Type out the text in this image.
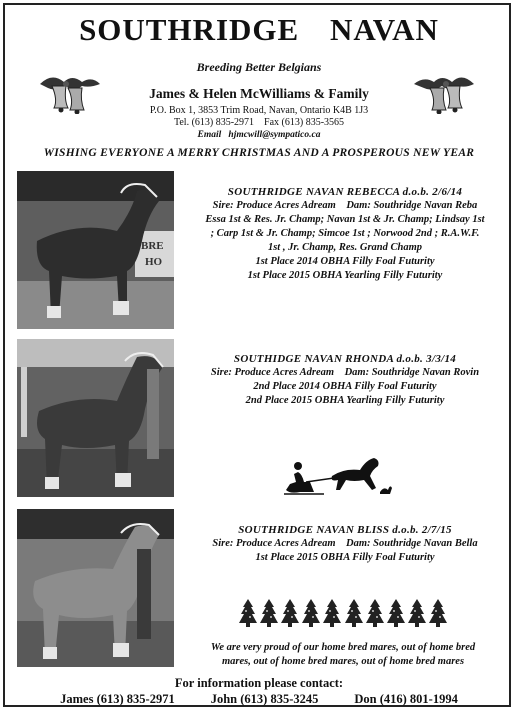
SOUTHRIDGE NAVAN
Breeding Better Belgians
James & Helen McWilliams & Family
P.O. Box 1, 3853 Trim Road, Navan, Ontario K4B 1J3
Tel. (613) 835-2971    Fax (613) 835-3565
Email hjmcwill@sympatico.ca
WISHING EVERYONE A MERRY CHRISTMAS AND A PROSPEROUS NEW YEAR
BRE
HO
SOUTHRIDGE NAVAN REBECCA d.o.b. 2/6/14
Sire: Produce Acres Adream    Dam: Southridge Navan Reba
Essa 1st & Res. Jr. Champ; Navan 1st & Jr. Champ; Lindsay 1st
; Carp 1st & Jr. Champ; Simcoe 1st ; Norwood 2nd ; R.A.W.F.
1st , Jr. Champ, Res. Grand Champ
1st Place 2014 OBHA Filly Foal Futurity
1st Place 2015 OBHA Yearling Filly Futurity
SOUTHIDGE NAVAN RHONDA d.o.b. 3/3/14
Sire: Produce Acres Adream    Dam: Southridge Navan Rovin
2nd Place 2014 OBHA Filly Foal Futurity
2nd Place 2015 OBHA Yearling Filly Futurity
SOUTHRIDGE NAVAN BLISS d.o.b. 2/7/15
Sire: Produce Acres Adream    Dam: Southridge Navan Bella
1st Place 2015 OBHA Filly Foal Futurity
We are very proud of our home bred mares, out of home bred
mares, out of home bred mares, out of home bred mares
For information please contact:
James (613) 835-2971	John (613) 835-3245	Don (416) 801-1994
